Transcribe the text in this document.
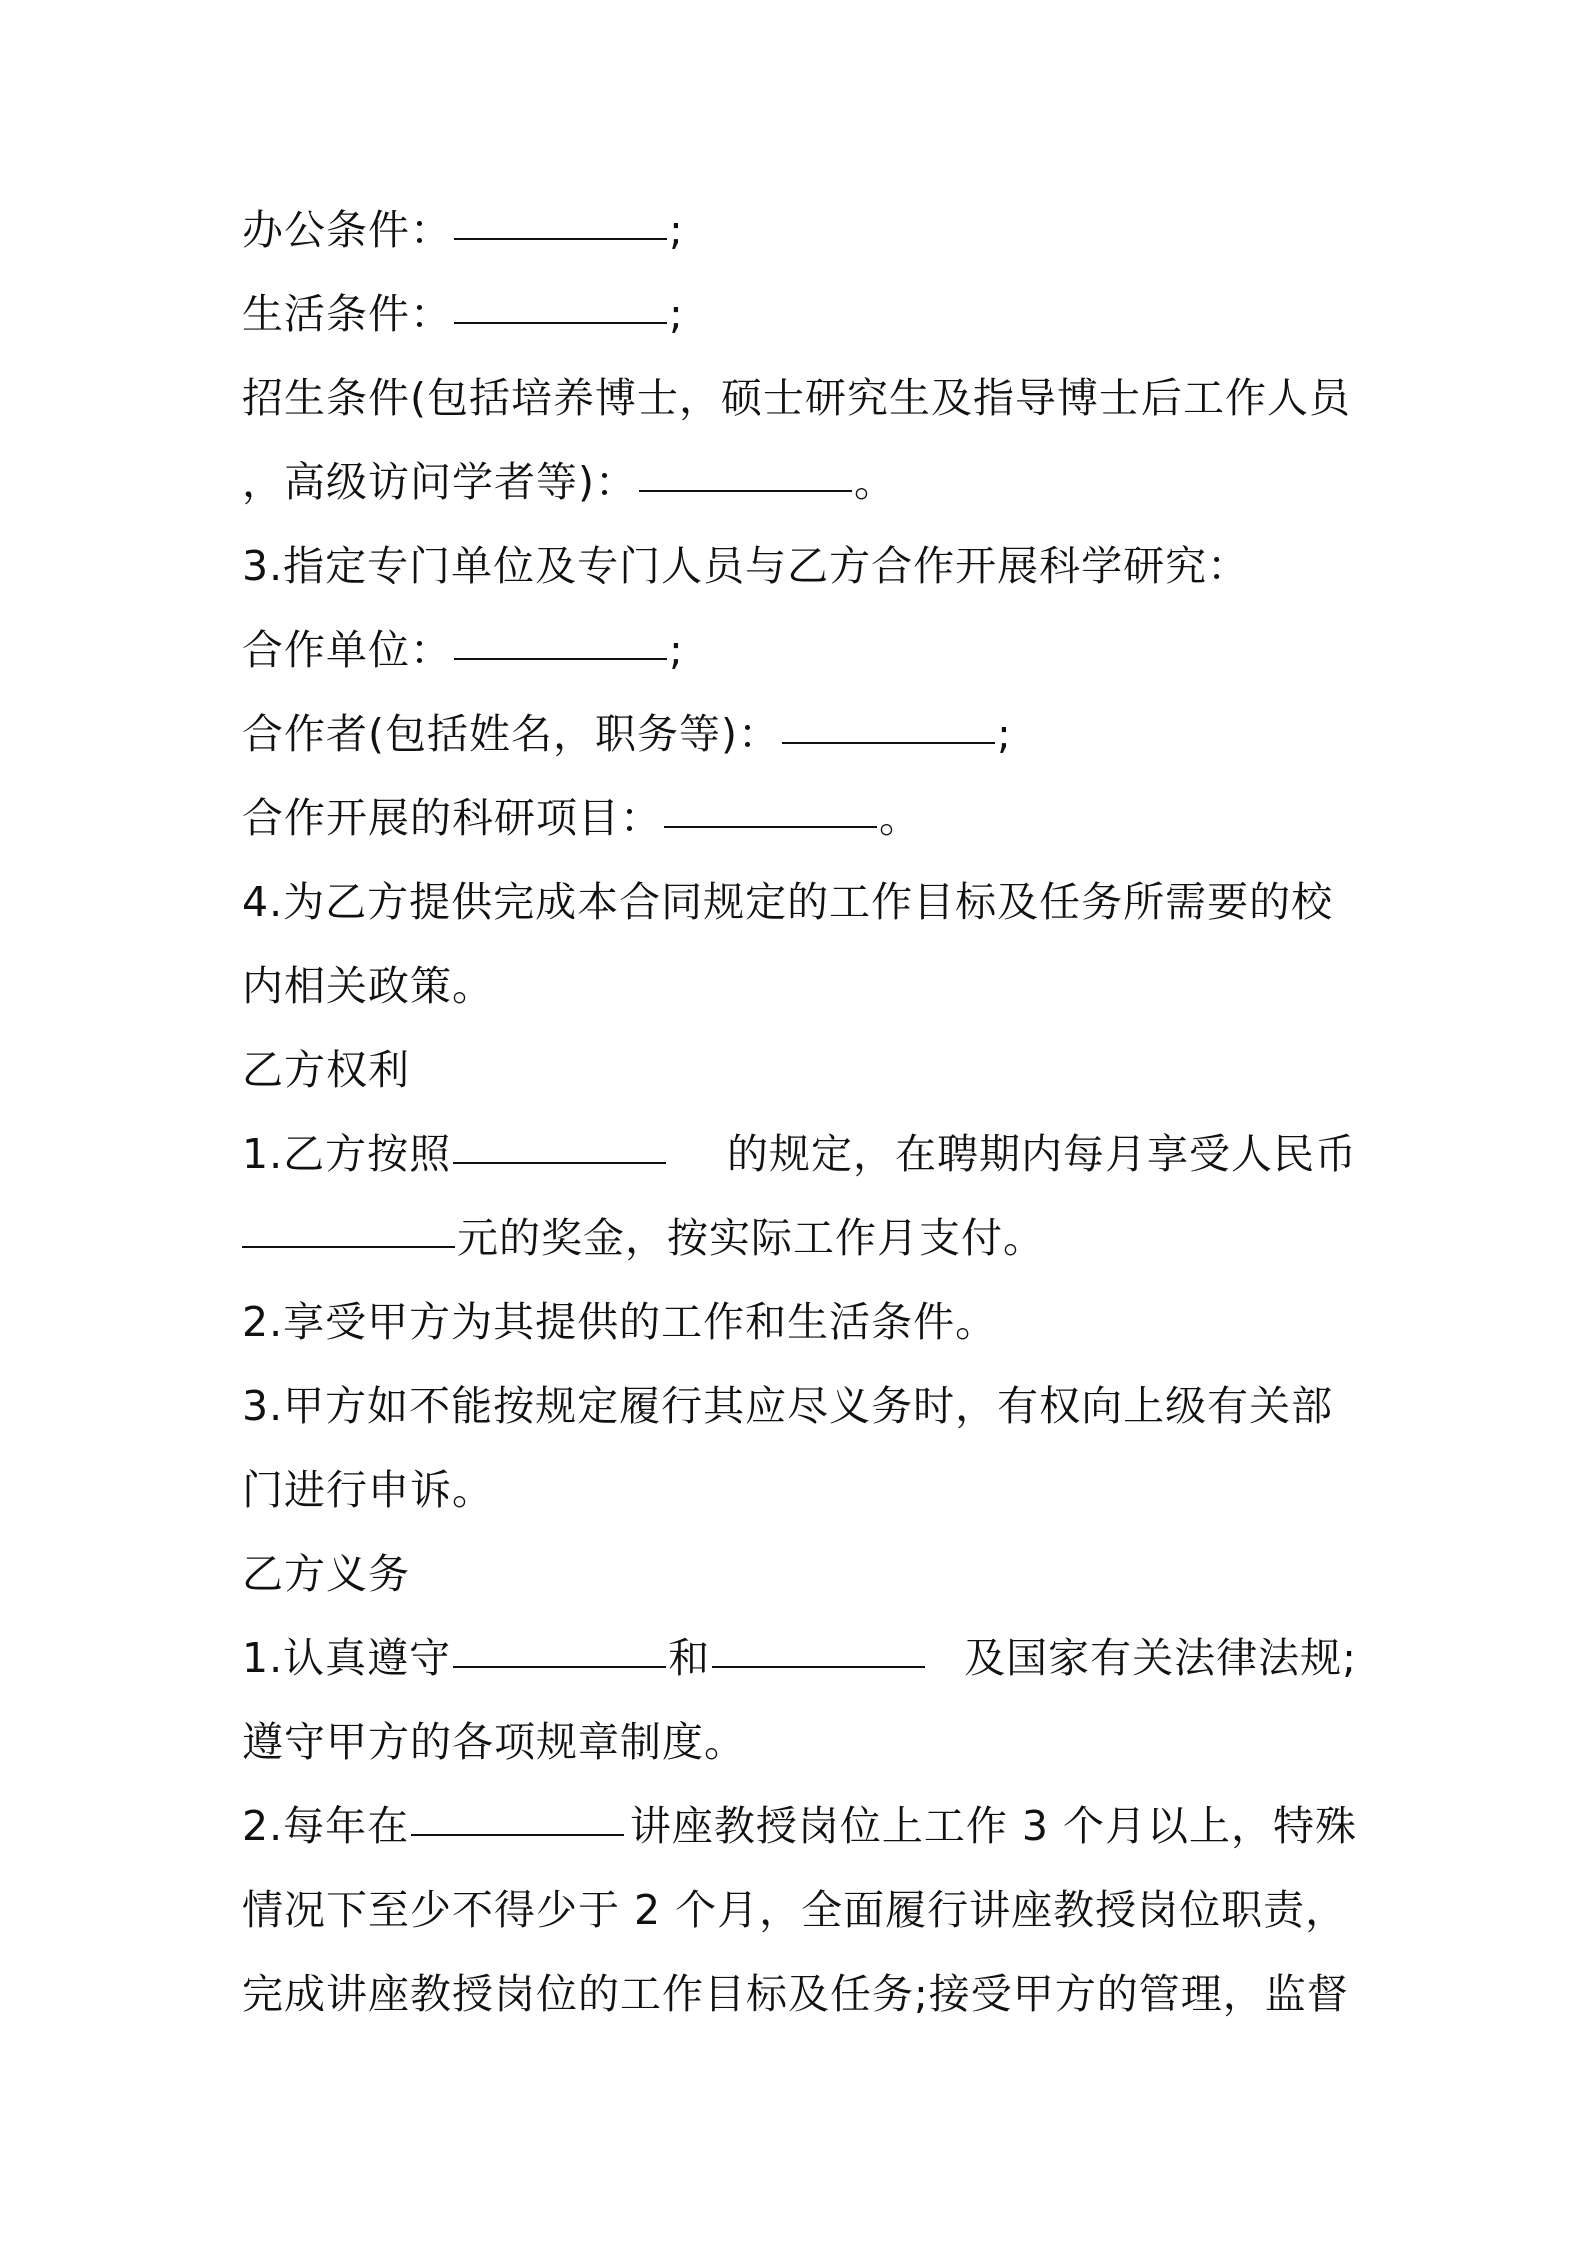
办公条件：	;
生活条件：	;
招生条件(包括培养博士，硕士研究生及指导博士后工作人员
，高级访问学者等)：	。
3.指定专门单位及专门人员与乙方合作开展科学研究：
合作单位：	;
合作者(包括姓名，职务等)：	;
合作开展的科研项目：	。
4.为乙方提供完成本合同规定的工作目标及任务所需要的校
内相关政策。
乙方权利
1.乙方按照	的规定，在聘期内每月享受人民币
元的奖金，按实际工作月支付。
2.享受甲方为其提供的工作和生活条件。
3.甲方如不能按规定履行其应尽义务时，有权向上级有关部
门进行申诉。
乙方义务
1.认真遵守	和	及国家有关法律法规;
遵守甲方的各项规章制度。
2.每年在	讲座教授岗位上工作 3 个月以上，特殊
情况下至少不得少于 2 个月，全面履行讲座教授岗位职责，
完成讲座教授岗位的工作目标及任务;接受甲方的管理，监督
